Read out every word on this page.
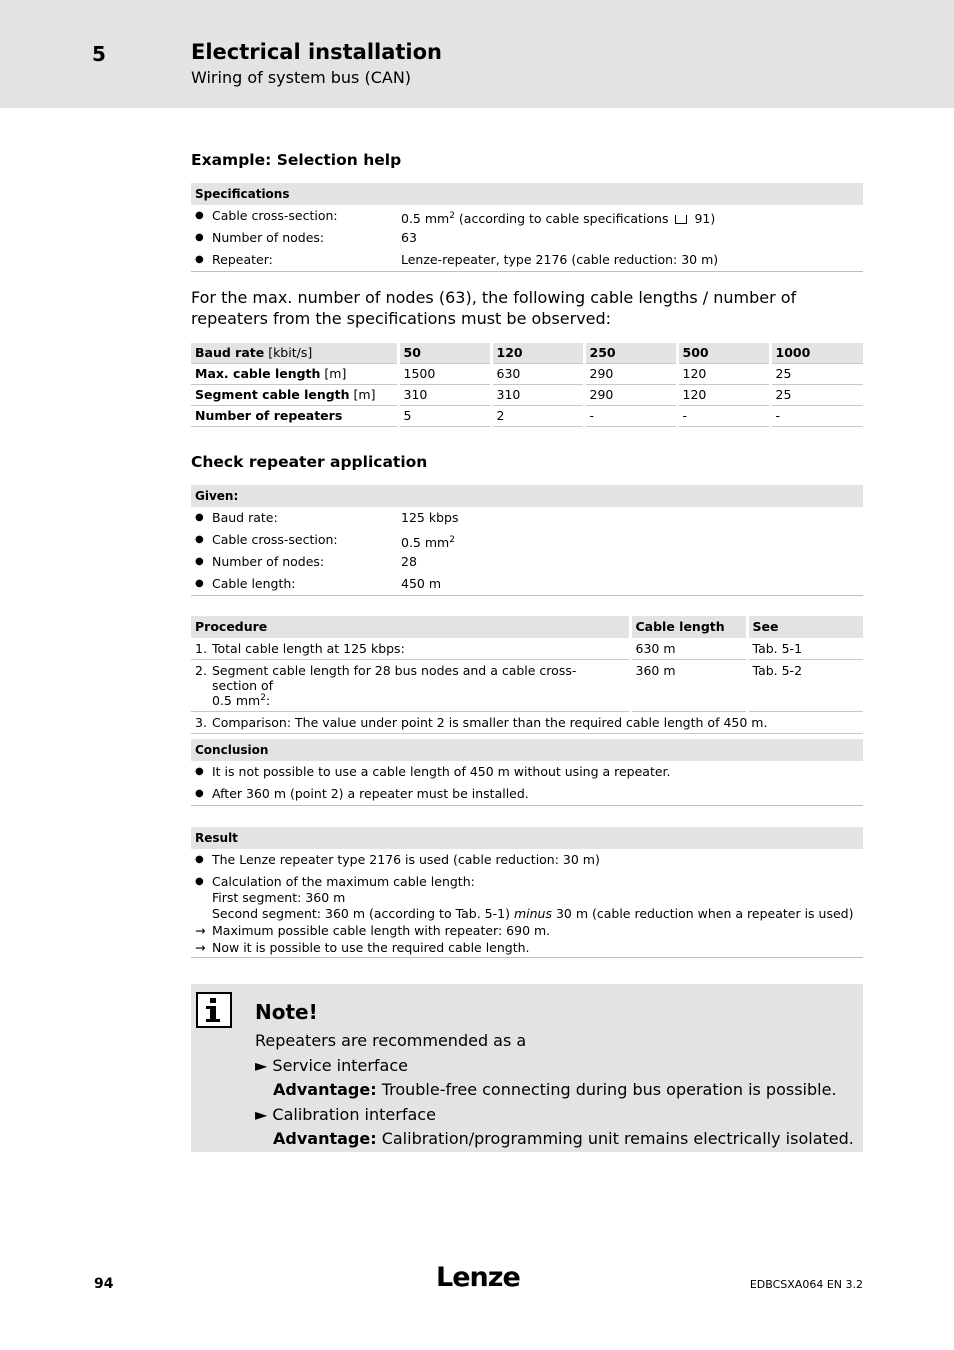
5	Electrical installation
Wiring of system bus (CAN)
Example: Selection help
Specifications
● Cable cross-section:	0.5 $mm^2$ (according to cable specifications 91)
● Number of nodes:	63
● Repeater:	Lenze-repeater, type 2176 (cable reduction: 30 m)
For the max. number of nodes (63), the following cable lengths / number of repeaters from the specifications must be observed:
Baud rate [kbit/s]	50	120	250	500	1000
Max. cable length [m]	1500	630	290	120	25
Segment cable length [m]	310	310	290	120	25
Number of repeaters	5	2	-	-	-
Check repeater application
Given:
● Baud rate:	125 kbps
● Cable cross-section:	0.5 $mm^2$
● Number of nodes:	28
● Cable length:	450 m
Procedure	Cable length	See
1. Total cable length at 125 kbps:	630 m	Tab. 5-1
2. Segment cable length for 28 bus nodes and a cable cross-section of
0.5 $mm^2$:	360 m	Tab. 5-2
3. Comparison: The value under point 2 is smaller than the required cable length of 450 m.		
Conclusion
● It is not possible to use a cable length of 450 m without using a repeater.
● After 360 m (point 2) a repeater must be installed.
Result
● The Lenze repeater type 2176 is used (cable reduction: 30 m)
● Calculation of the maximum cable length:
First segment: 360 m
Second segment: 360 m (according to Tab. 5-1) minus 30 m (cable reduction when a repeater is used)
→ Maximum possible cable length with repeater: 690 m.
→ Now it is possible to use the required cable length.
Note!
Repeaters are recommended as a
► Service interface
Advantage: Trouble-free connecting during bus operation is possible.
► Calibration interface
Advantage: Calibration/programming unit remains electrically isolated.
94	Lenze	EDBCSXA064 EN 3.2
